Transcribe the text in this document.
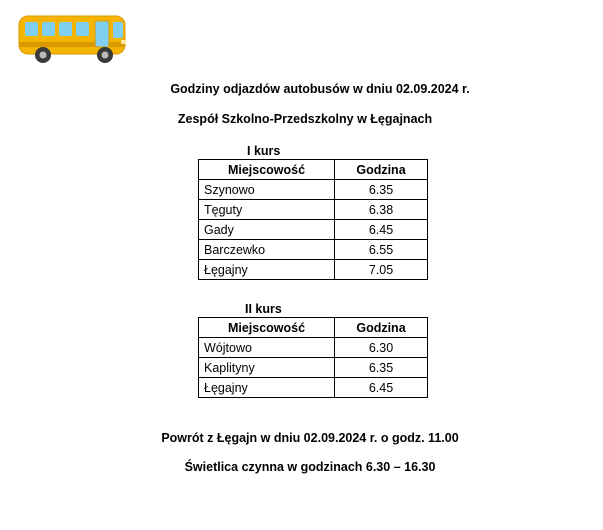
Godziny odjazdów autobusów w dniu 02.09.2024 r.
Zespół Szkolno-Przedszkolny w Łęgajnach
I kurs
Miejscowość	Godzina
Szynowo	6.35
Tęguty	6.38
Gady	6.45
Barczewko	6.55
Łęgajny	7.05
II kurs
Miejscowość	Godzina
Wójtowo	6.30
Kaplityny	6.35
Łęgajny	6.45
Powrót z Łęgajn w dniu 02.09.2024 r. o godz. 11.00
Świetlica czynna w godzinach 6.30 – 16.30
